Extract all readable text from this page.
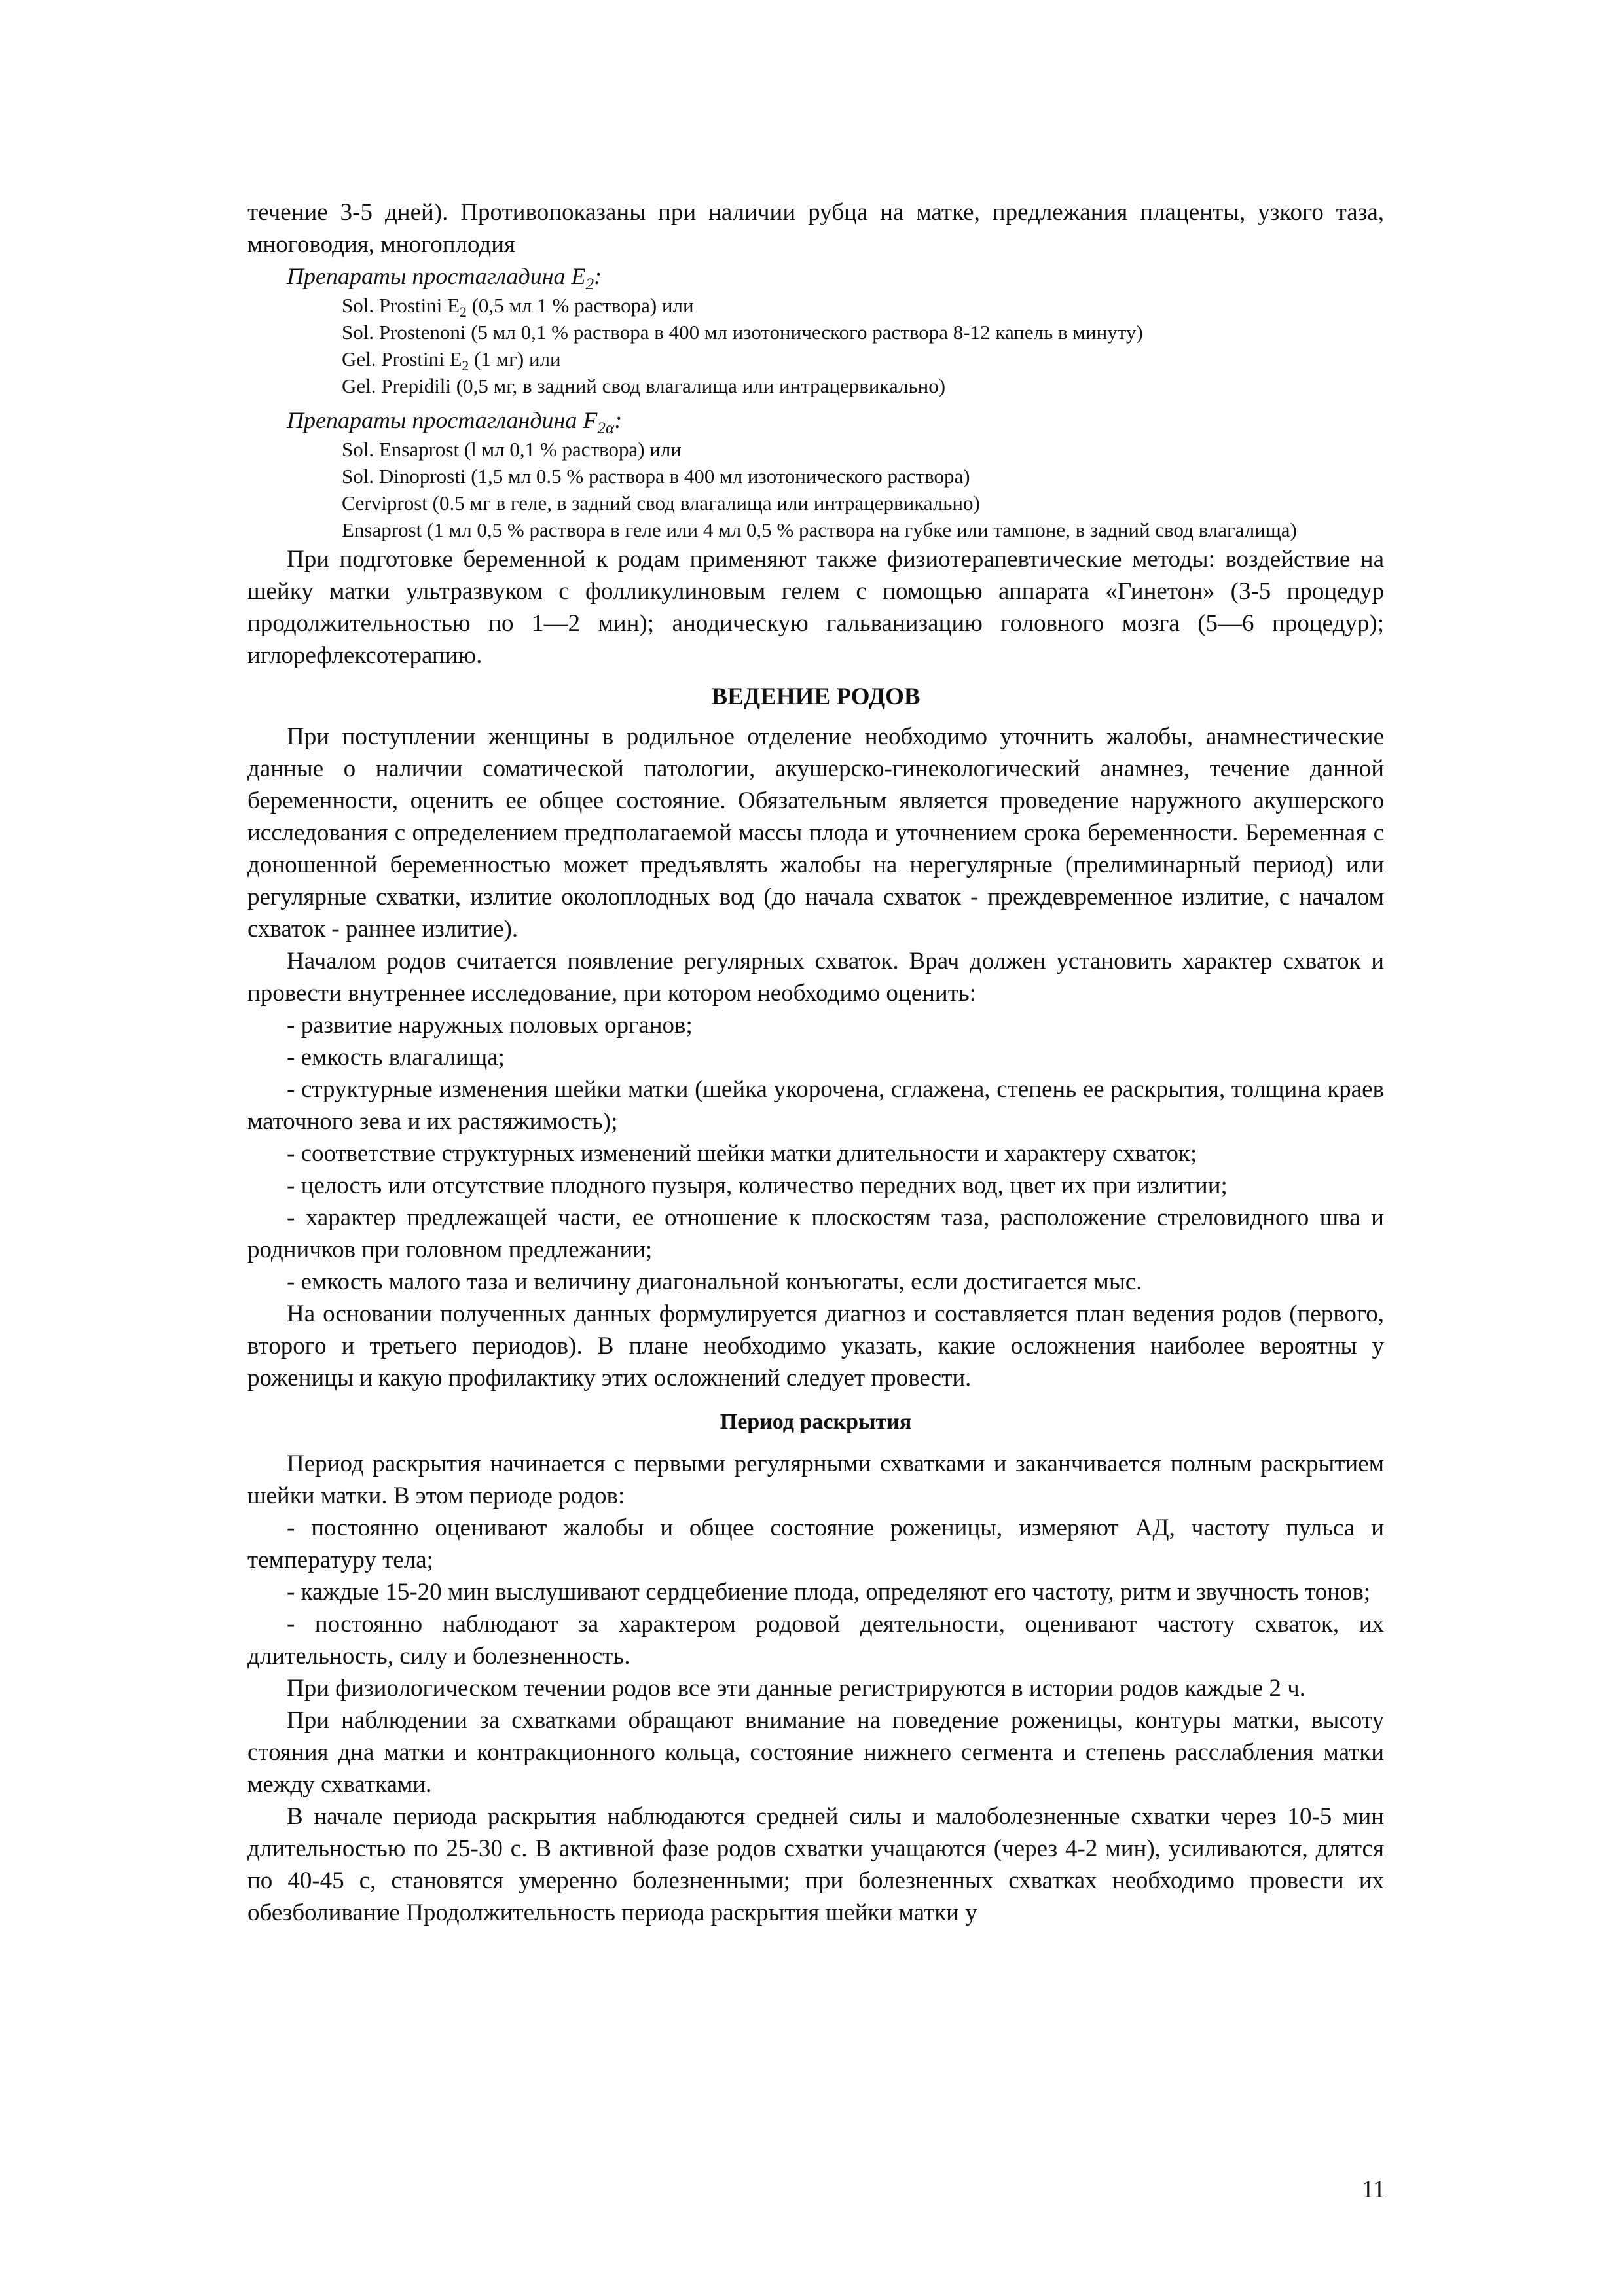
течение 3-5 дней). Противопоказаны при наличии рубца на матке, предлежания плаценты, узкого таза, многоводия, многоплодия

Препараты простагладина $E_2$:

Sol. Prostini $E_2$ (0,5 мл 1 % раствора) или

Sol. Prostenoni (5 мл 0,1 % раствора в 400 мл изотонического раствора 8-12 капель в минуту)

Gel. Prostini $E_2$ (1 мг) или

Gel. Prepidili (0,5 мг, в задний свод влагалища или интрацервикально)

Препараты простагландина $F_{2\alpha}$:

Sol. Ensaprost (l мл 0,1 % раствора) или

Sol. Dinoprosti (1,5 мл 0.5 % раствора в 400 мл изотонического раствора)

Cerviprost (0.5 мг в геле, в задний свод влагалища или интрацервикально)

Ensaprost (1 мл 0,5 % раствора в геле или 4 мл 0,5 % раствора на губке или тампоне, в задний свод влагалища)

При подготовке беременной к родам применяют также физиотерапевтические методы: воздействие на шейку матки ультразвуком с фолликулиновым гелем с помощью аппарата «Гинетон» (3-5 процедур продолжительностью по 1—2 мин); анодическую гальванизацию головного мозга (5—6 процедур); иглорефлексотерапию.

ВЕДЕНИЕ РОДОВ

При поступлении женщины в родильное отделение необходимо уточнить жалобы, анамнестические данные о наличии соматической патологии, акушерско-гинекологический анамнез, течение данной беременности, оценить ее общее состояние. Обязательным является проведение наружного акушерского исследования с определением предполагаемой массы плода и уточнением срока беременности. Беременная с доношенной беременностью может предъявлять жалобы на нерегулярные (прелиминарный период) или регулярные схватки, излитие околоплодных вод (до начала схваток - преждевременное излитие, с началом схваток - раннее излитие).

Началом родов считается появление регулярных схваток. Врач должен установить характер схваток и провести внутреннее исследование, при котором необходимо оценить:

- развитие наружных половых органов;

- емкость влагалища;

- структурные изменения шейки матки (шейка укорочена, сглажена, степень ее раскрытия, толщина краев маточного зева и их растяжимость);

- соответствие структурных изменений шейки матки длительности и характеру схваток;

- целость или отсутствие плодного пузыря, количество передних вод, цвет их при излитии;

- характер предлежащей части, ее отношение к плоскостям таза, расположение стреловидного шва и родничков при головном предлежании;

- емкость малого таза и величину диагональной конъюгаты, если достигается мыс.

На основании полученных данных формулируется диагноз и составляется план ведения родов (первого, второго и третьего периодов). В плане необходимо указать, какие осложнения наиболее вероятны у роженицы и какую профилактику этих осложнений следует провести.

Период раскрытия

Период раскрытия начинается с первыми регулярными схватками и заканчивается полным раскрытием шейки матки. В этом периоде родов:

- постоянно оценивают жалобы и общее состояние роженицы, измеряют АД, частоту пульса и температуру тела;

- каждые 15-20 мин выслушивают сердцебиение плода, определяют его частоту, ритм и звучность тонов;

- постоянно наблюдают за характером родовой деятельности, оценивают частоту схваток, их длительность, силу и болезненность.

При физиологическом течении родов все эти данные регистрируются в истории родов каждые 2 ч.

При наблюдении за схватками обращают внимание на поведение роженицы, контуры матки, высоту стояния дна матки и контракционного кольца, состояние нижнего сегмента и степень расслабления матки между схватками.

В начале периода раскрытия наблюдаются средней силы и малоболезненные схватки через 10-5 мин длительностью по 25-30 с. В активной фазе родов схватки учащаются (через 4-2 мин), усиливаются, длятся по 40-45 с, становятся умеренно болезненными; при болезненных схватках необходимо провести их обезболивание Продолжительность периода раскрытия шейки матки у

11
